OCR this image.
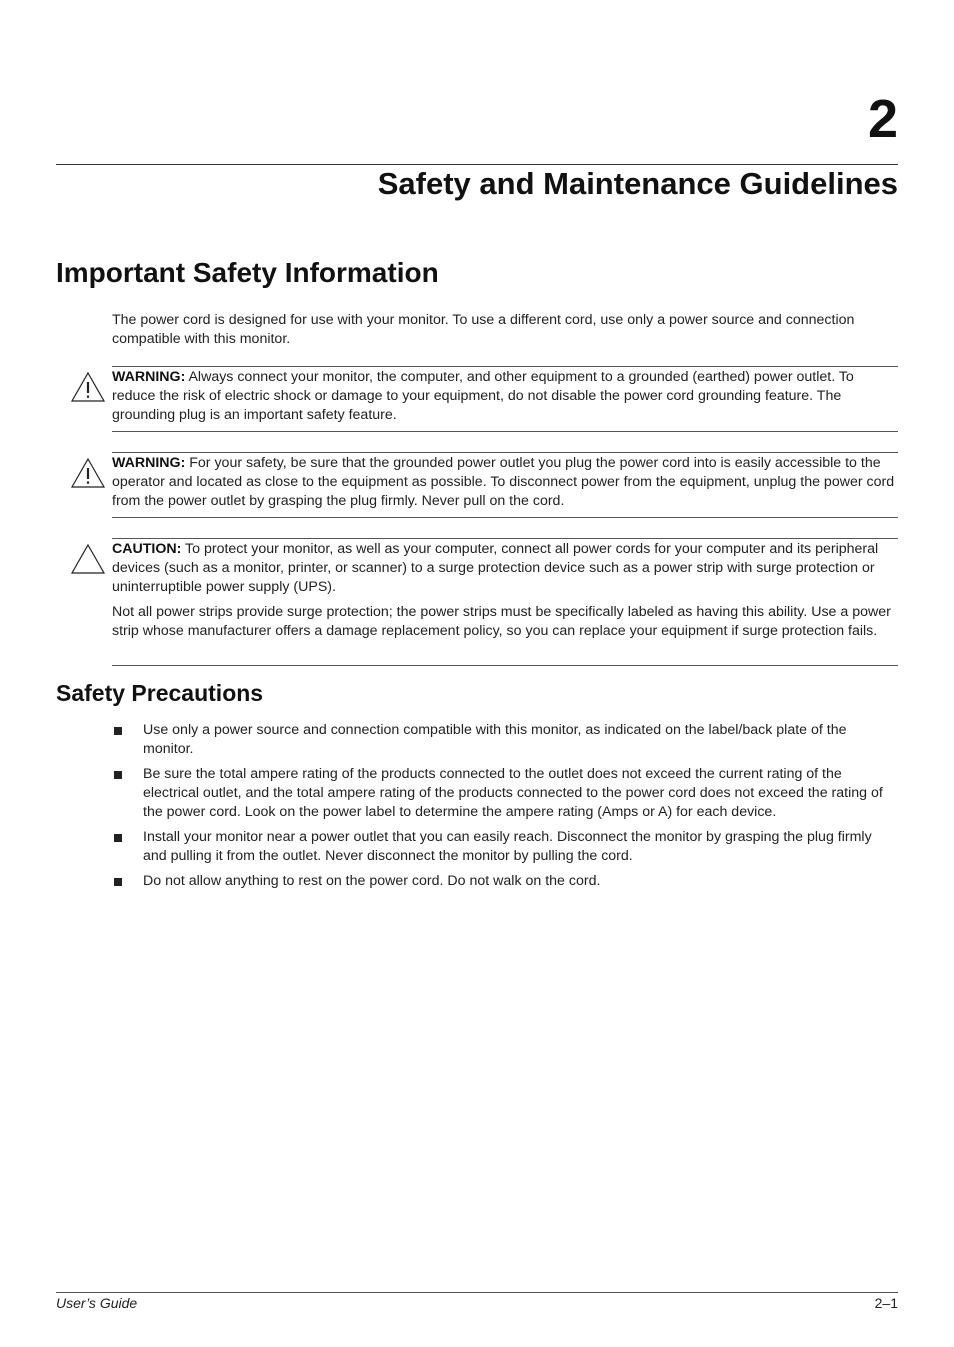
2
Safety and Maintenance Guidelines
Important Safety Information
The power cord is designed for use with your monitor. To use a different cord, use only a power source and connection compatible with this monitor.

WARNING: Always connect your monitor, the computer, and other equipment to a grounded (earthed) power outlet. To reduce the risk of electric shock or damage to your equipment, do not disable the power cord grounding feature. The grounding plug is an important safety feature.

WARNING: For your safety, be sure that the grounded power outlet you plug the power cord into is easily accessible to the operator and located as close to the equipment as possible. To disconnect power from the equipment, unplug the power cord from the power outlet by grasping the plug firmly. Never pull on the cord.

CAUTION: To protect your monitor, as well as your computer, connect all power cords for your computer and its peripheral devices (such as a monitor, printer, or scanner) to a surge protection device such as a power strip with surge protection or uninterruptible power supply (UPS).

Not all power strips provide surge protection; the power strips must be specifically labeled as having this ability. Use a power strip whose manufacturer offers a damage replacement policy, so you can replace your equipment if surge protection fails.

Safety Precautions
Use only a power source and connection compatible with this monitor, as indicated on the label/back plate of the monitor.
Be sure the total ampere rating of the products connected to the outlet does not exceed the current rating of the electrical outlet, and the total ampere rating of the products connected to the power cord does not exceed the rating of the power cord. Look on the power label to determine the ampere rating (Amps or A) for each device.
Install your monitor near a power outlet that you can easily reach. Disconnect the monitor by grasping the plug firmly and pulling it from the outlet. Never disconnect the monitor by pulling the cord.
Do not allow anything to rest on the power cord. Do not walk on the cord.
User’s Guide	2–1
